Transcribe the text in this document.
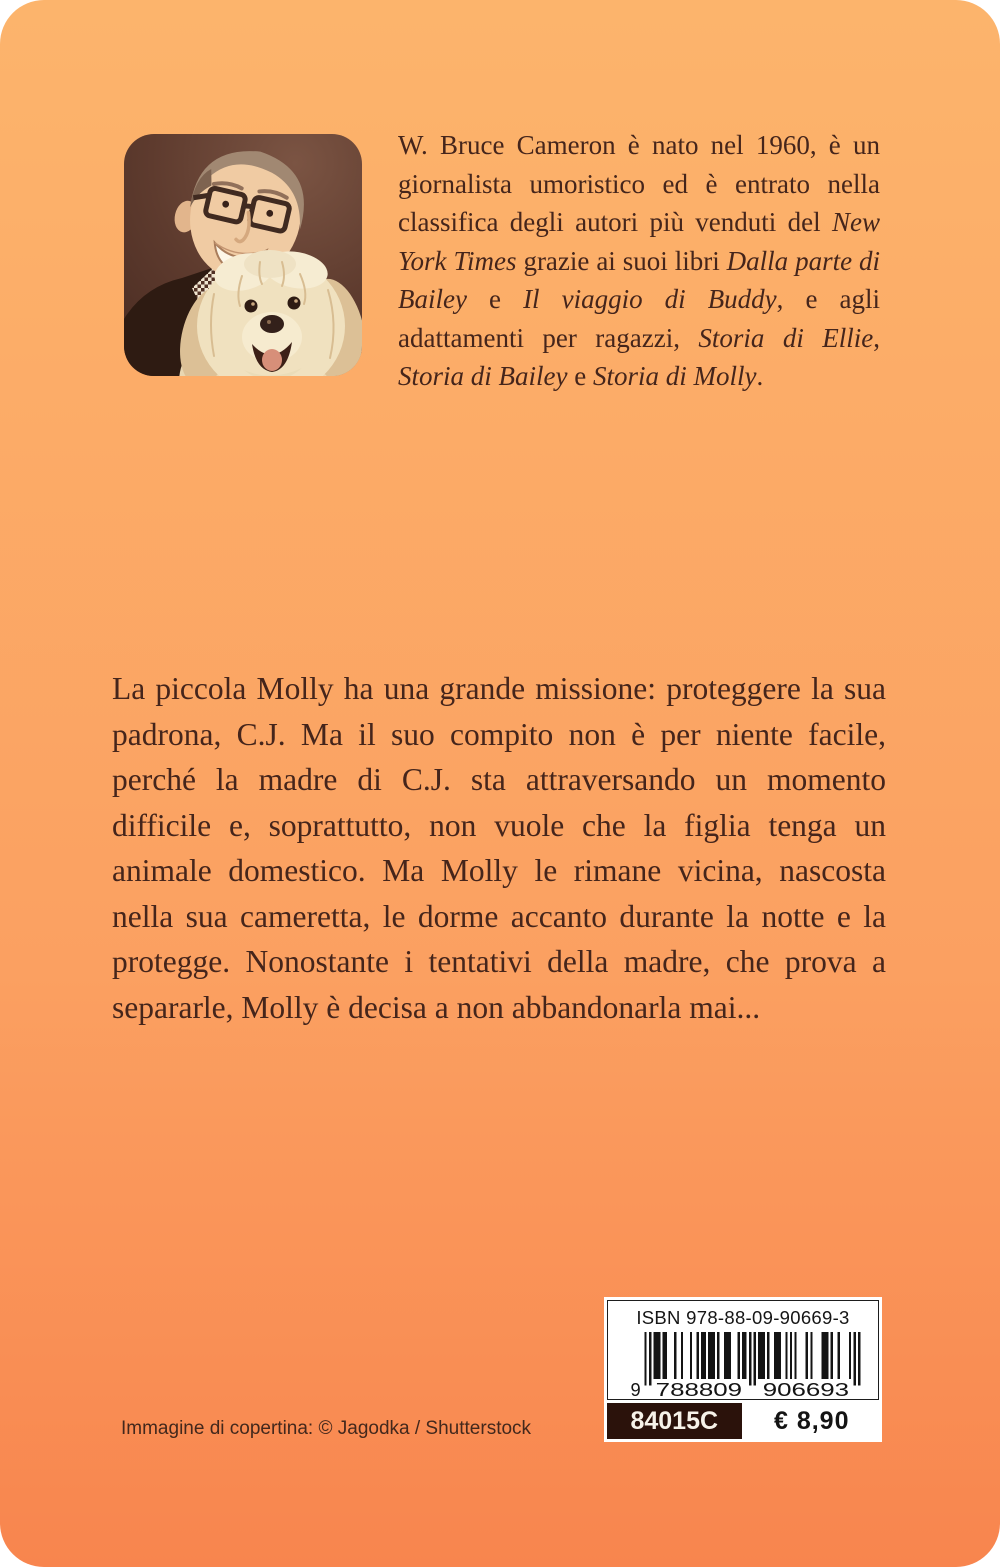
W. Bruce Cameron è nato nel 1960, è un giornalista umoristico ed è entrato nella classifica degli autori più venduti del New York Times grazie ai suoi libri Dalla parte di Bailey e Il viaggio di Buddy, e agli adattamenti per ragazzi, Storia di Ellie, Storia di Bailey e Storia di Molly.

La piccola Molly ha una grande missione: proteggere la sua padrona, C.J. Ma il suo compito non è per niente facile, perché la madre di C.J. sta attraversando un momento difficile e, soprattutto, non vuole che la figlia tenga un animale domestico. Ma Molly le rimane vicina, nascosta nella sua cameretta, le dorme accanto durante la notte e la protegge. Nonostante i tentativi della madre, che prova a separarle, Molly è decisa a non abbandonarla mai...

Immagine di copertina: © Jagodka / Shutterstock

ISBN 978-88-09-90669-3
9 788809 906693
84015C	€ 8,90
